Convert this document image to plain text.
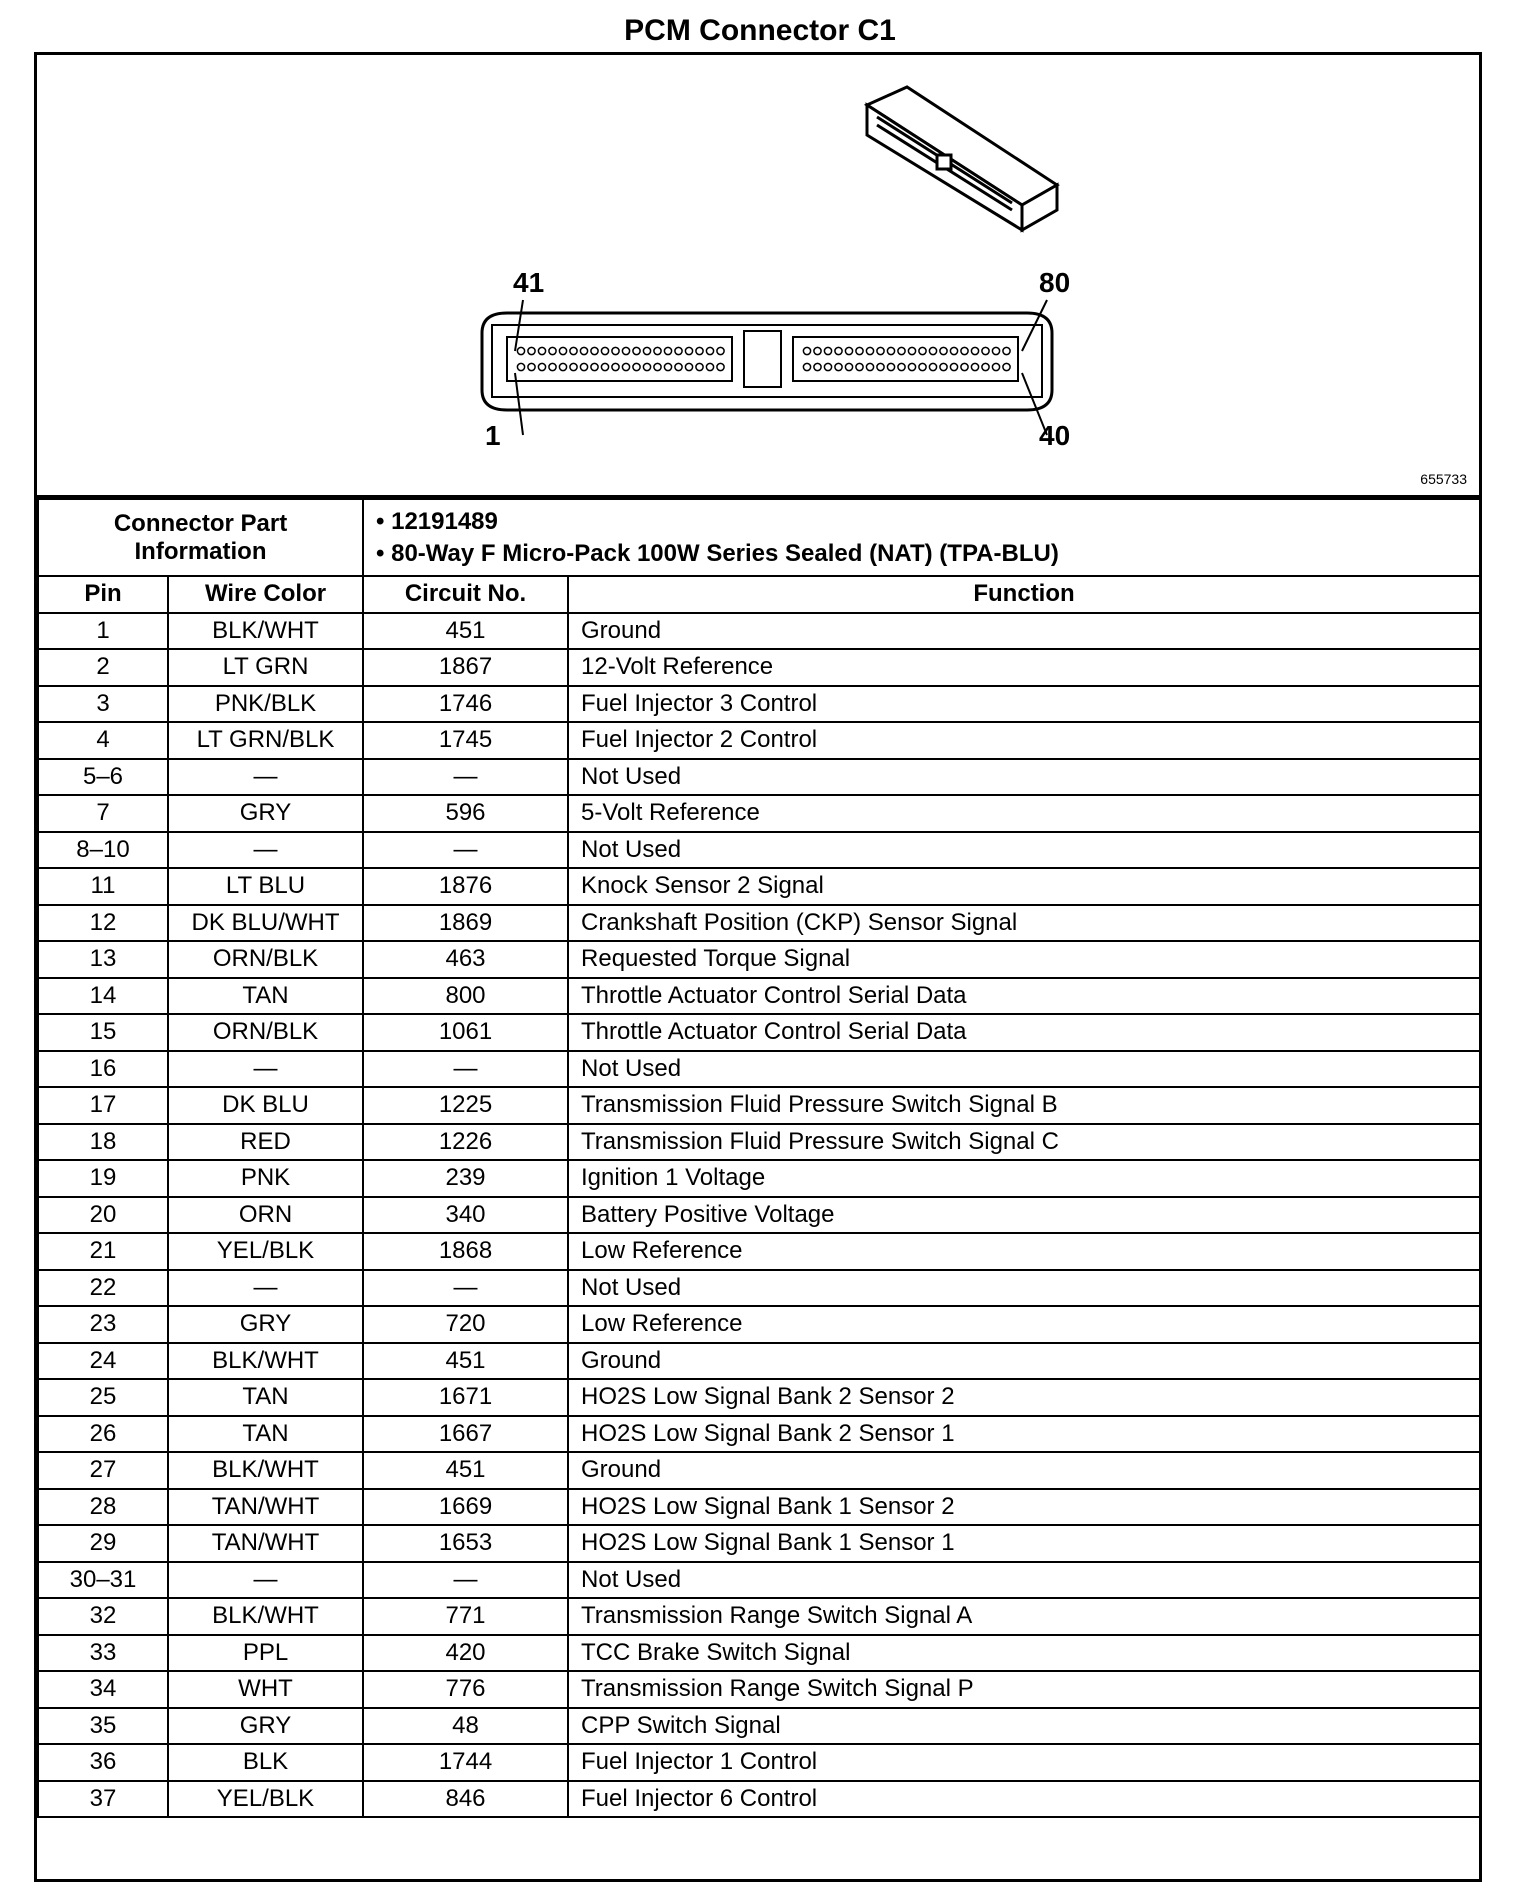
PCM Connector C1
41	80
1	40
655733
Connector Part Information		• 12191489
• 80-Way F Micro-Pack 100W Series Sealed (NAT) (TPA-BLU)

Pin	Wire Color	Circuit No.	Function
1	BLK/WHT	451	Ground
2	LT GRN	1867	12-Volt Reference
3	PNK/BLK	1746	Fuel Injector 3 Control
4	LT GRN/BLK	1745	Fuel Injector 2 Control
5–6	—	—	Not Used
7	GRY	596	5-Volt Reference
8–10	—	—	Not Used
11	LT BLU	1876	Knock Sensor 2 Signal
12	DK BLU/WHT	1869	Crankshaft Position (CKP) Sensor Signal
13	ORN/BLK	463	Requested Torque Signal
14	TAN	800	Throttle Actuator Control Serial Data
15	ORN/BLK	1061	Throttle Actuator Control Serial Data
16	—	—	Not Used
17	DK BLU	1225	Transmission Fluid Pressure Switch Signal B
18	RED	1226	Transmission Fluid Pressure Switch Signal C
19	PNK	239	Ignition 1 Voltage
20	ORN	340	Battery Positive Voltage
21	YEL/BLK	1868	Low Reference
22	—	—	Not Used
23	GRY	720	Low Reference
24	BLK/WHT	451	Ground
25	TAN	1671	HO2S Low Signal Bank 2 Sensor 2
26	TAN	1667	HO2S Low Signal Bank 2 Sensor 1
27	BLK/WHT	451	Ground
28	TAN/WHT	1669	HO2S Low Signal Bank 1 Sensor 2
29	TAN/WHT	1653	HO2S Low Signal Bank 1 Sensor 1
30–31	—	—	Not Used
32	BLK/WHT	771	Transmission Range Switch Signal A
33	PPL	420	TCC Brake Switch Signal
34	WHT	776	Transmission Range Switch Signal P
35	GRY	48	CPP Switch Signal
36	BLK	1744	Fuel Injector 1 Control
37	YEL/BLK	846	Fuel Injector 6 Control
